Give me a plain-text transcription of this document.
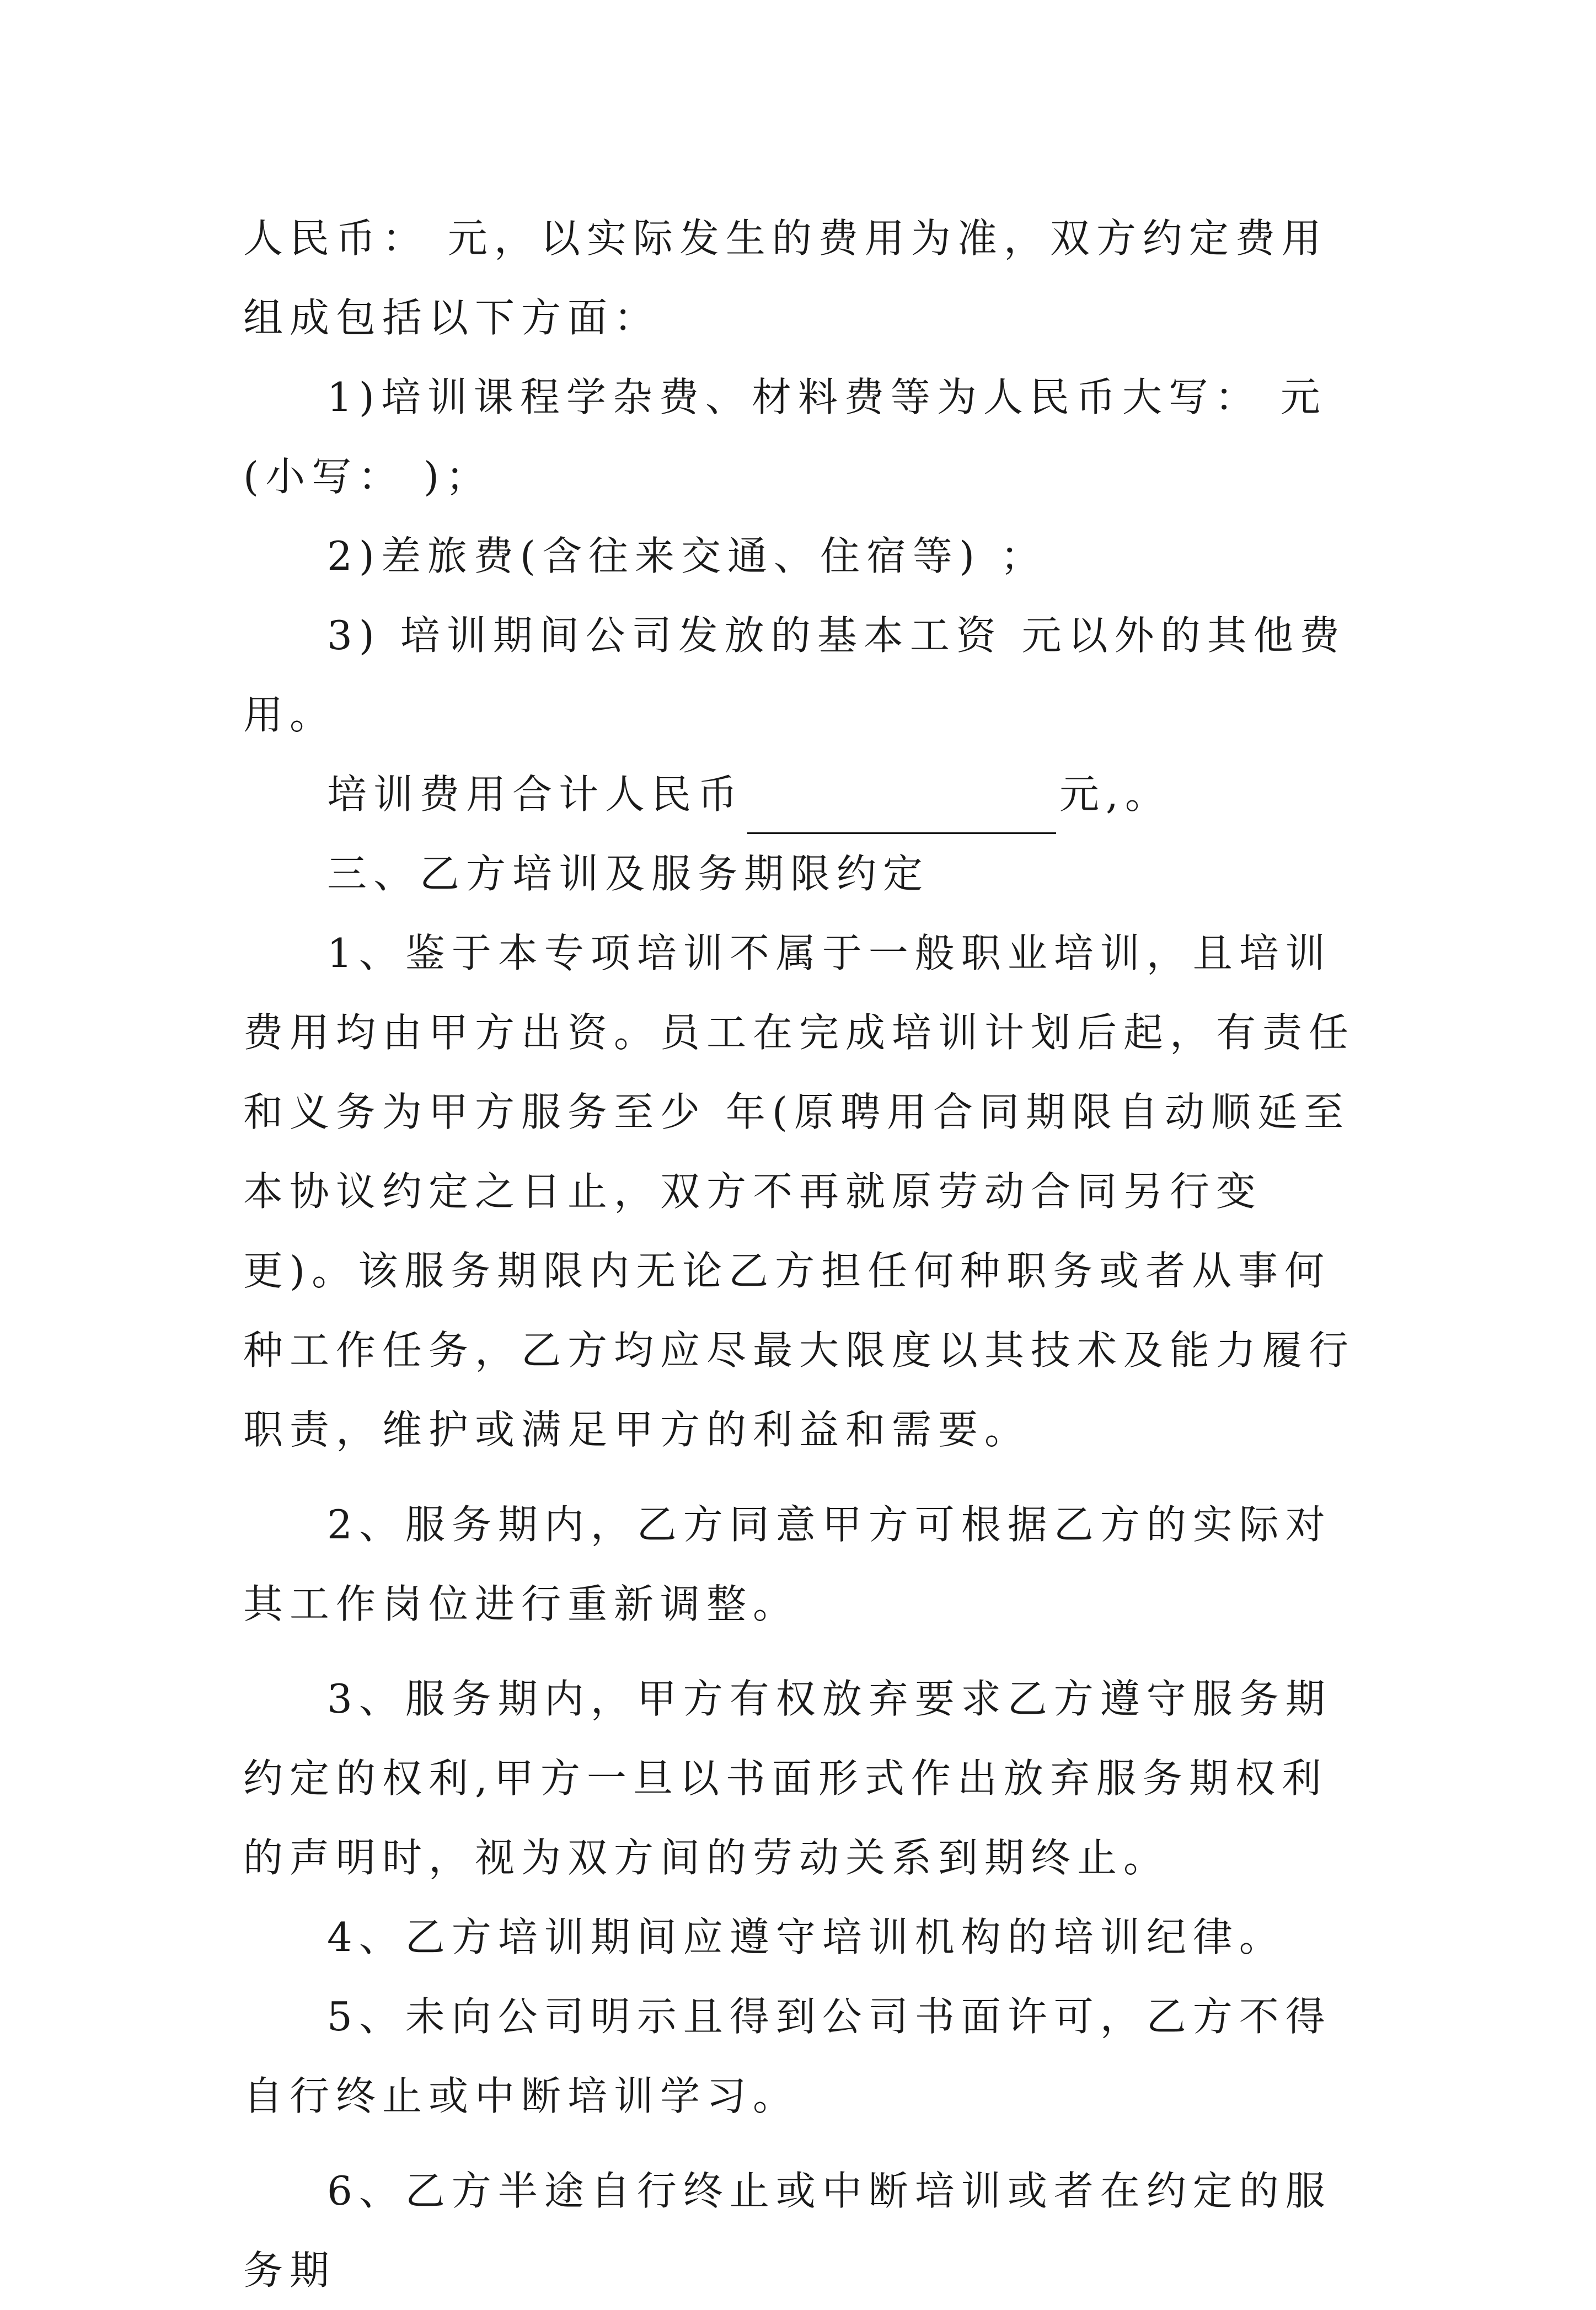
人民币： 元，以实际发生的费用为准，双方约定费用组成包括以下方面：

1)培训课程学杂费、材料费等为人民币大写： 元(小写： )；

2)差旅费(含往来交通、住宿等) ；

3) 培训期间公司发放的基本工资 元以外的其他费用。

培训费用合计人民币	元,。

三、乙方培训及服务期限约定

1、鉴于本专项培训不属于一般职业培训，且培训费用均由甲方出资。员工在完成培训计划后起，有责任和义务为甲方服务至少 年(原聘用合同期限自动顺延至本协议约定之日止，双方不再就原劳动合同另行变更)。该服务期限内无论乙方担任何种职务或者从事何种工作任务，乙方均应尽最大限度以其技术及能力履行职责，维护或满足甲方的利益和需要。

2、服务期内，乙方同意甲方可根据乙方的实际对其工作岗位进行重新调整。

3、服务期内，甲方有权放弃要求乙方遵守服务期约定的权利,甲方一旦以书面形式作出放弃服务期权利的声明时，视为双方间的劳动关系到期终止。

4、乙方培训期间应遵守培训机构的培训纪律。

5、未向公司明示且得到公司书面许可，乙方不得自行终止或中断培训学习。

6、乙方半途自行终止或中断培训或者在约定的服务期
